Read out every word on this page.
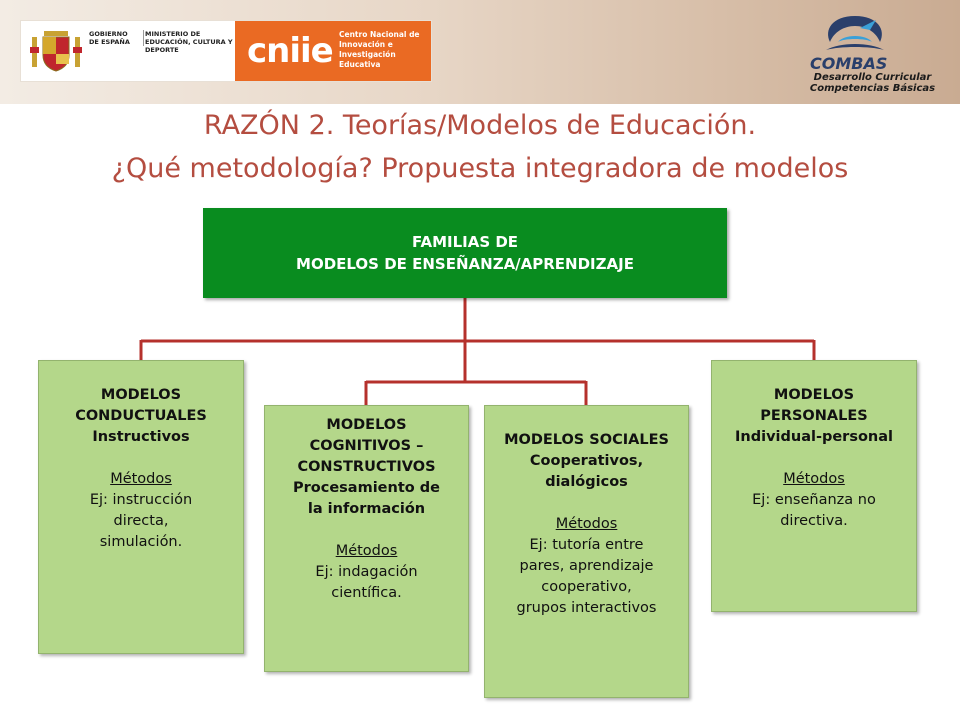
GOBIERNO DE ESPAÑA
MINISTERIO DE EDUCACIÓN, CULTURA Y DEPORTE	cniie Centro Nacional de Innovación e Investigación Educativa	COMBAS
Desarrollo Curricular Competencias Básicas
RAZÓN 2. Teorías/Modelos de Educación.
¿Qué metodología? Propuesta integradora de modelos
FAMILIAS DE
MODELOS DE ENSEÑANZA/APRENDIZAJE
MODELOS
CONDUCTUALES
Instructivos
Métodos
Ej: instrucción
directa,
simulación.
MODELOS
COGNITIVOS –
CONSTRUCTIVOS
Procesamiento de
la información
Métodos
Ej: indagación
científica.
MODELOS SOCIALES
Cooperativos,
dialógicos
Métodos
Ej: tutoría entre
pares, aprendizaje
cooperativo,
grupos interactivos
MODELOS
PERSONALES
Individual-personal
Métodos
Ej: enseñanza no
directiva.
